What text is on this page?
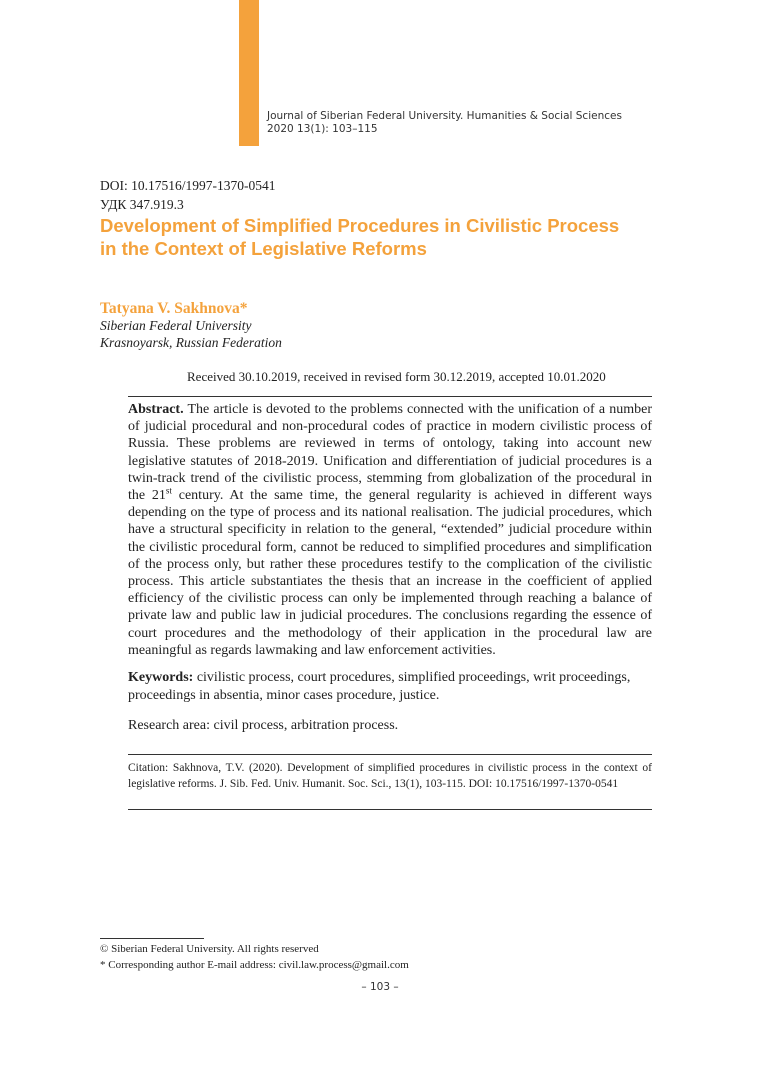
Journal of Siberian Federal University. Humanities & Social Sciences
2020 13(1): 103–115
DOI: 10.17516/1997-1370-0541
УДК 347.919.3
Development of Simplified Procedures in Civilistic Process
in the Context of Legislative Reforms
Tatyana V. Sakhnova*
Siberian Federal University
Krasnoyarsk, Russian Federation
Received 30.10.2019, received in revised form 30.12.2019, accepted 10.01.2020
Abstract. The article is devoted to the problems connected with the unification of a number of judicial procedural and non-procedural codes of practice in modern civilistic process of Russia. These problems are reviewed in terms of ontology, taking into account new legislative statutes of 2018-2019. Unification and differentiation of judicial procedures is a twin-track trend of the civilistic process, stemming from globalization of the procedural in the 21st century. At the same time, the general regularity is achieved in different ways depending on the type of process and its national realisation. The judicial procedures, which have a structural specificity in relation to the general, “extended” judicial procedure within the civilistic procedural form, cannot be reduced to simplified procedures and simplification of the process only, but rather these procedures testify to the complication of the civilistic process. This article substantiates the thesis that an increase in the coefficient of applied efficiency of the civilistic process can only be implemented through reaching a balance of private law and public law in judicial procedures. The conclusions regarding the essence of court procedures and the methodology of their application in the procedural law are meaningful as regards lawmaking and law enforcement activities.
Keywords: civilistic process, court procedures, simplified proceedings, writ proceedings, proceedings in absentia, minor cases procedure, justice.
Research area: civil process, arbitration process.
Citation: Sakhnova, T.V. (2020). Development of simplified procedures in civilistic process in the context of legislative reforms. J. Sib. Fed. Univ. Humanit. Soc. Sci., 13(1), 103-115. DOI: 10.17516/1997-1370-0541
© Siberian Federal University. All rights reserved
* Corresponding author E-mail address: civil.law.process@gmail.com
– 103 –
